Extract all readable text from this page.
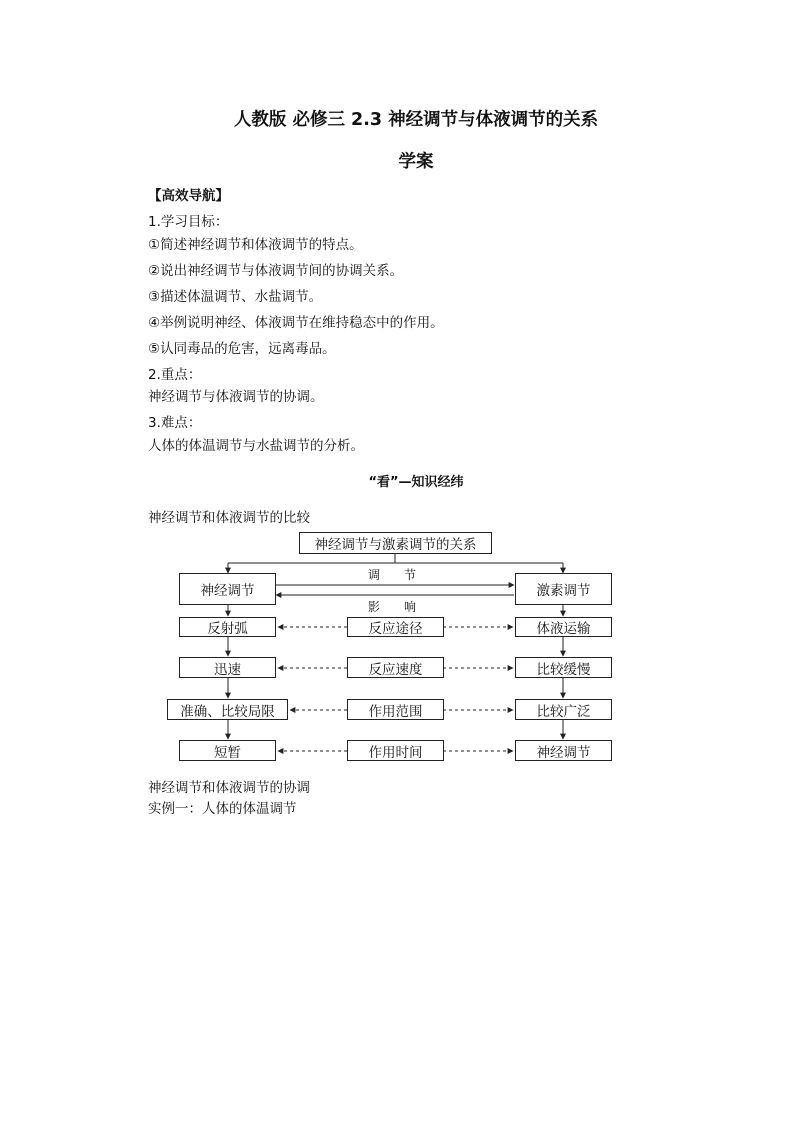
人教版 必修三 2.3 神经调节与体液调节的关系
学案
【高效导航】
1.学习目标：
①简述神经调节和体液调节的特点。
②说出神经调节与体液调节间的协调关系。
③描述体温调节、水盐调节。
④举例说明神经、体液调节在维持稳态中的作用。
⑤认同毒品的危害，远离毒品。
2.重点：
神经调节与体液调节的协调。
3.难点：
人体的体温调节与水盐调节的分析。
“看”—知识经纬
神经调节和体液调节的比较
神经调节与激素调节的关系
神经调节	激素调节
调　　节
影　　响
反射弧	反应途径	体液运输
迅速	反应速度	比较缓慢
准确、比较局限	作用范围	比较广泛
短暂	作用时间	神经调节
神经调节和体液调节的协调
实例一：人体的体温调节
